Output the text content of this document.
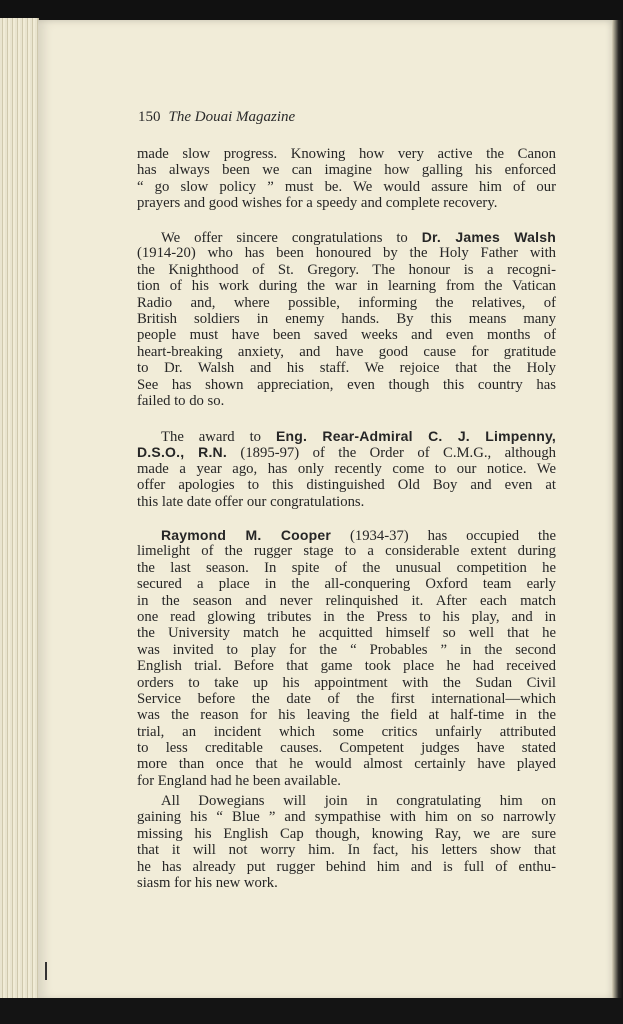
150 The Douai Magazine
made slow progress. Knowing how very active the Canon
has always been we can imagine how galling his enforced
“ go slow policy ” must be. We would assure him of our
prayers and good wishes for a speedy and complete recovery.
We offer sincere congratulations to Dr. James Walsh
(1914-20) who has been honoured by the Holy Father with
the Knighthood of St. Gregory. The honour is a recogni-
tion of his work during the war in learning from the Vatican
Radio and, where possible, informing the relatives, of
British soldiers in enemy hands. By this means many
people must have been saved weeks and even months of
heart-breaking anxiety, and have good cause for gratitude
to Dr. Walsh and his staff. We rejoice that the Holy
See has shown appreciation, even though this country has
failed to do so.
The award to Eng. Rear-Admiral C. J. Limpenny,
D.S.O., R.N. (1895-97) of the Order of C.M.G., although
made a year ago, has only recently come to our notice. We
offer apologies to this distinguished Old Boy and even at
this late date offer our congratulations.
Raymond M. Cooper (1934-37) has occupied the
limelight of the rugger stage to a considerable extent during
the last season. In spite of the unusual competition he
secured a place in the all-conquering Oxford team early
in the season and never relinquished it. After each match
one read glowing tributes in the Press to his play, and in
the University match he acquitted himself so well that he
was invited to play for the “ Probables ” in the second
English trial. Before that game took place he had received
orders to take up his appointment with the Sudan Civil
Service before the date of the first international—which
was the reason for his leaving the field at half-time in the
trial, an incident which some critics unfairly attributed
to less creditable causes. Competent judges have stated
more than once that he would almost certainly have played
for England had he been available.
All Dowegians will join in congratulating him on
gaining his “ Blue ” and sympathise with him on so narrowly
missing his English Cap though, knowing Ray, we are sure
that it will not worry him. In fact, his letters show that
he has already put rugger behind him and is full of enthu-
siasm for his new work.
